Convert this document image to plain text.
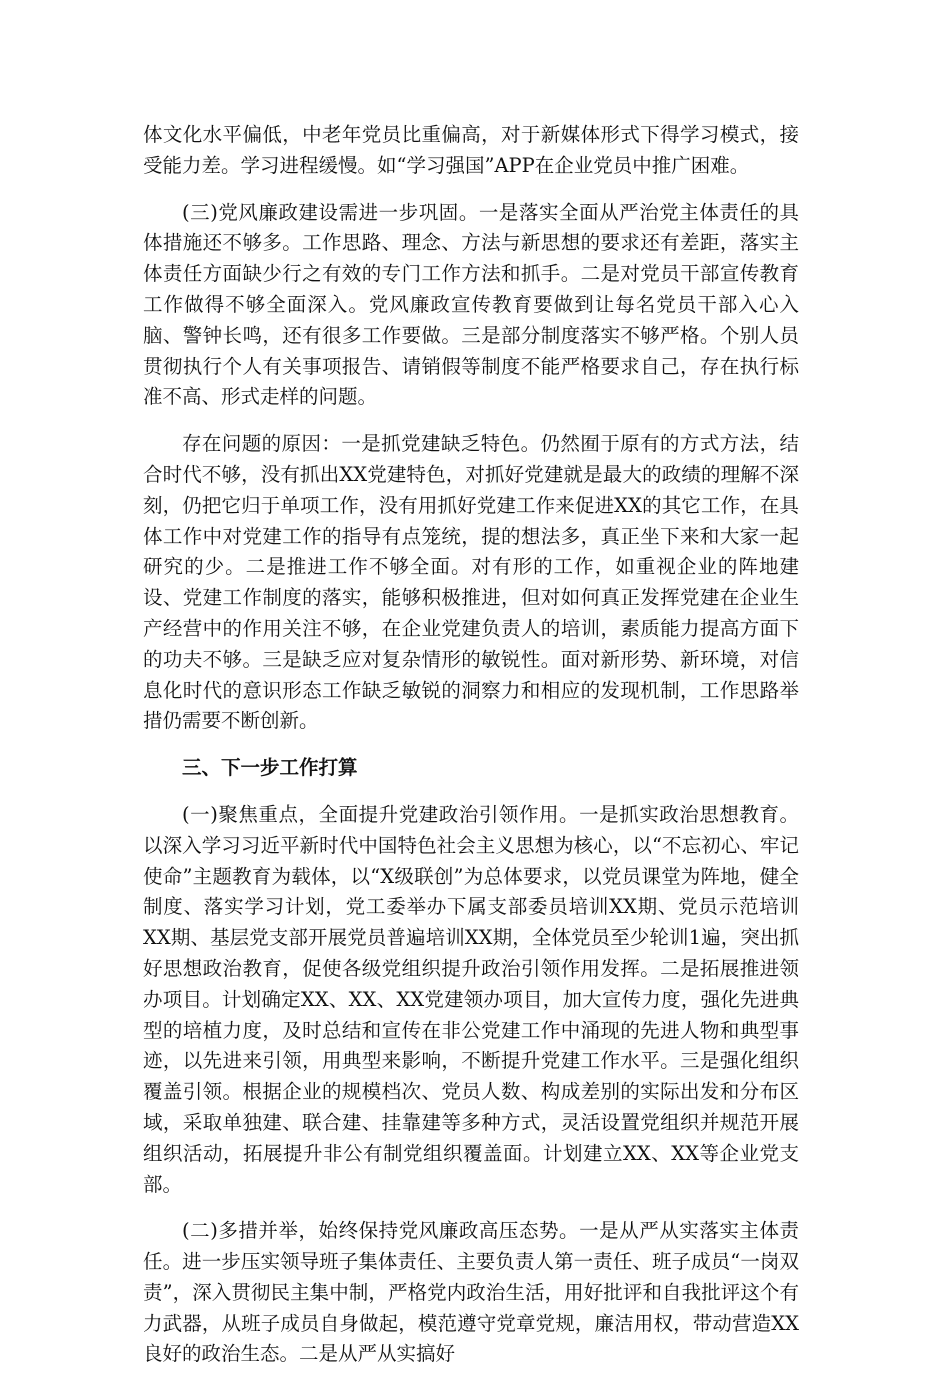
体文化水平偏低，中老年党员比重偏高，对于新媒体形式下得学习模式，接受能力差。学习进程缓慢。如“学习强国”APP在企业党员中推广困难。

(三)党风廉政建设需进一步巩固。一是落实全面从严治党主体责任的具体措施还不够多。工作思路、理念、方法与新思想的要求还有差距，落实主体责任方面缺少行之有效的专门工作方法和抓手。二是对党员干部宣传教育工作做得不够全面深入。党风廉政宣传教育要做到让每名党员干部入心入脑、警钟长鸣，还有很多工作要做。三是部分制度落实不够严格。个别人员贯彻执行个人有关事项报告、请销假等制度不能严格要求自己，存在执行标准不高、形式走样的问题。

存在问题的原因：一是抓党建缺乏特色。仍然囿于原有的方式方法，结合时代不够，没有抓出XX党建特色，对抓好党建就是最大的政绩的理解不深刻，仍把它归于单项工作，没有用抓好党建工作来促进XX的其它工作，在具体工作中对党建工作的指导有点笼统，提的想法多，真正坐下来和大家一起研究的少。二是推进工作不够全面。对有形的工作，如重视企业的阵地建设、党建工作制度的落实，能够积极推进，但对如何真正发挥党建在企业生产经营中的作用关注不够，在企业党建负责人的培训，素质能力提高方面下的功夫不够。三是缺乏应对复杂情形的敏锐性。面对新形势、新环境，对信息化时代的意识形态工作缺乏敏锐的洞察力和相应的发现机制，工作思路举措仍需要不断创新。

三、下一步工作打算

(一)聚焦重点，全面提升党建政治引领作用。一是抓实政治思想教育。以深入学习习近平新时代中国特色社会主义思想为核心，以“不忘初心、牢记使命”主题教育为载体，以“X级联创”为总体要求，以党员课堂为阵地，健全制度、落实学习计划，党工委举办下属支部委员培训XX期、党员示范培训XX期、基层党支部开展党员普遍培训XX期，全体党员至少轮训1遍，突出抓好思想政治教育，促使各级党组织提升政治引领作用发挥。二是拓展推进领办项目。计划确定XX、XX、XX党建领办项目，加大宣传力度，强化先进典型的培植力度，及时总结和宣传在非公党建工作中涌现的先进人物和典型事迹，以先进来引领，用典型来影响，不断提升党建工作水平。三是强化组织覆盖引领。根据企业的规模档次、党员人数、构成差别的实际出发和分布区域，采取单独建、联合建、挂靠建等多种方式，灵活设置党组织并规范开展组织活动，拓展提升非公有制党组织覆盖面。计划建立XX、XX等企业党支部。

(二)多措并举，始终保持党风廉政高压态势。一是从严从实落实主体责任。进一步压实领导班子集体责任、主要负责人第一责任、班子成员“一岗双责”，深入贯彻民主集中制，严格党内政治生活，用好批评和自我批评这个有力武器，从班子成员自身做起，模范遵守党章党规，廉洁用权，带动营造XX良好的政治生态。二是从严从实搞好
